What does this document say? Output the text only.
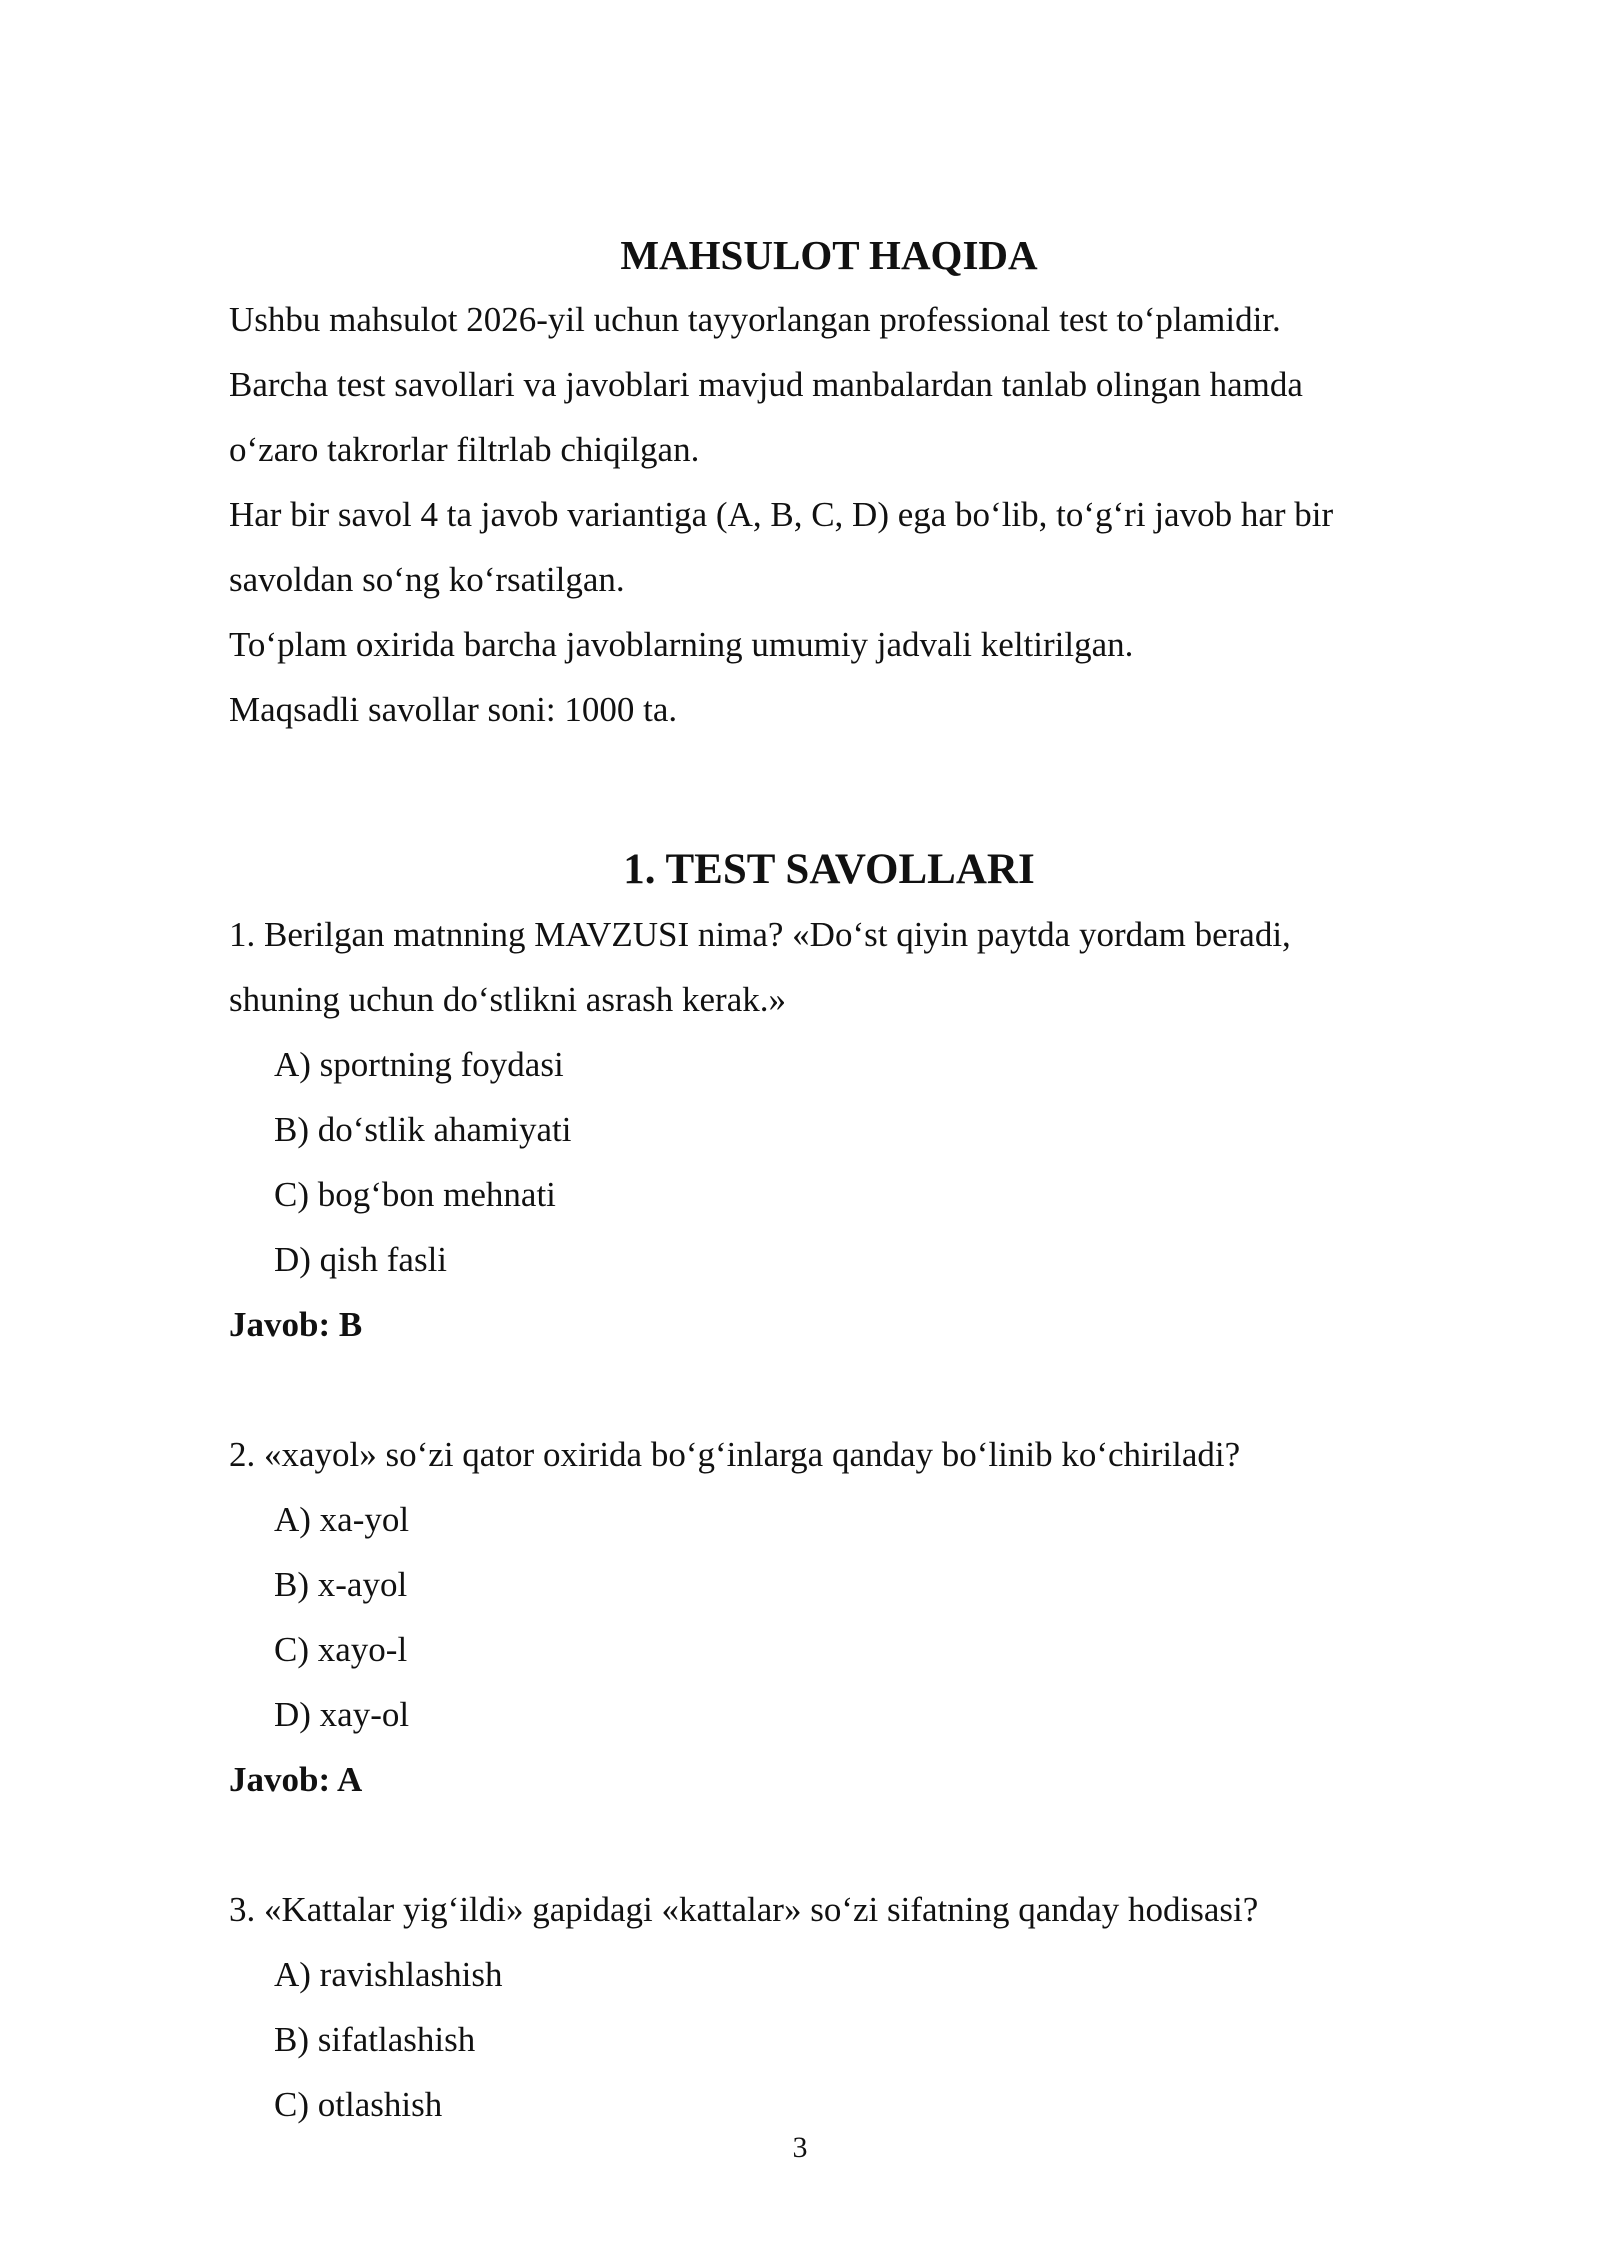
MAHSULOT HAQIDA
Ushbu mahsulot 2026-yil uchun tayyorlangan professional test to‘plamidir.
Barcha test savollari va javoblari mavjud manbalardan tanlab olingan hamda
o‘zaro takrorlar filtrlab chiqilgan.
Har bir savol 4 ta javob variantiga (A, B, C, D) ega bo‘lib, to‘g‘ri javob har bir
savoldan so‘ng ko‘rsatilgan.
To‘plam oxirida barcha javoblarning umumiy jadvali keltirilgan.
Maqsadli savollar soni: 1000 ta.
1. TEST SAVOLLARI
1. Berilgan matnning MAVZUSI nima? «Do‘st qiyin paytda yordam beradi,
shuning uchun do‘stlikni asrash kerak.»
A) sportning foydasi
B) do‘stlik ahamiyati
C) bog‘bon mehnati
D) qish fasli
Javob: B
2. «xayol» so‘zi qator oxirida bo‘g‘inlarga qanday bo‘linib ko‘chiriladi?
A) xa-yol
B) x-ayol
C) xayo-l
D) xay-ol
Javob: A
3. «Kattalar yig‘ildi» gapidagi «kattalar» so‘zi sifatning qanday hodisasi?
A) ravishlashish
B) sifatlashish
C) otlashish
3
